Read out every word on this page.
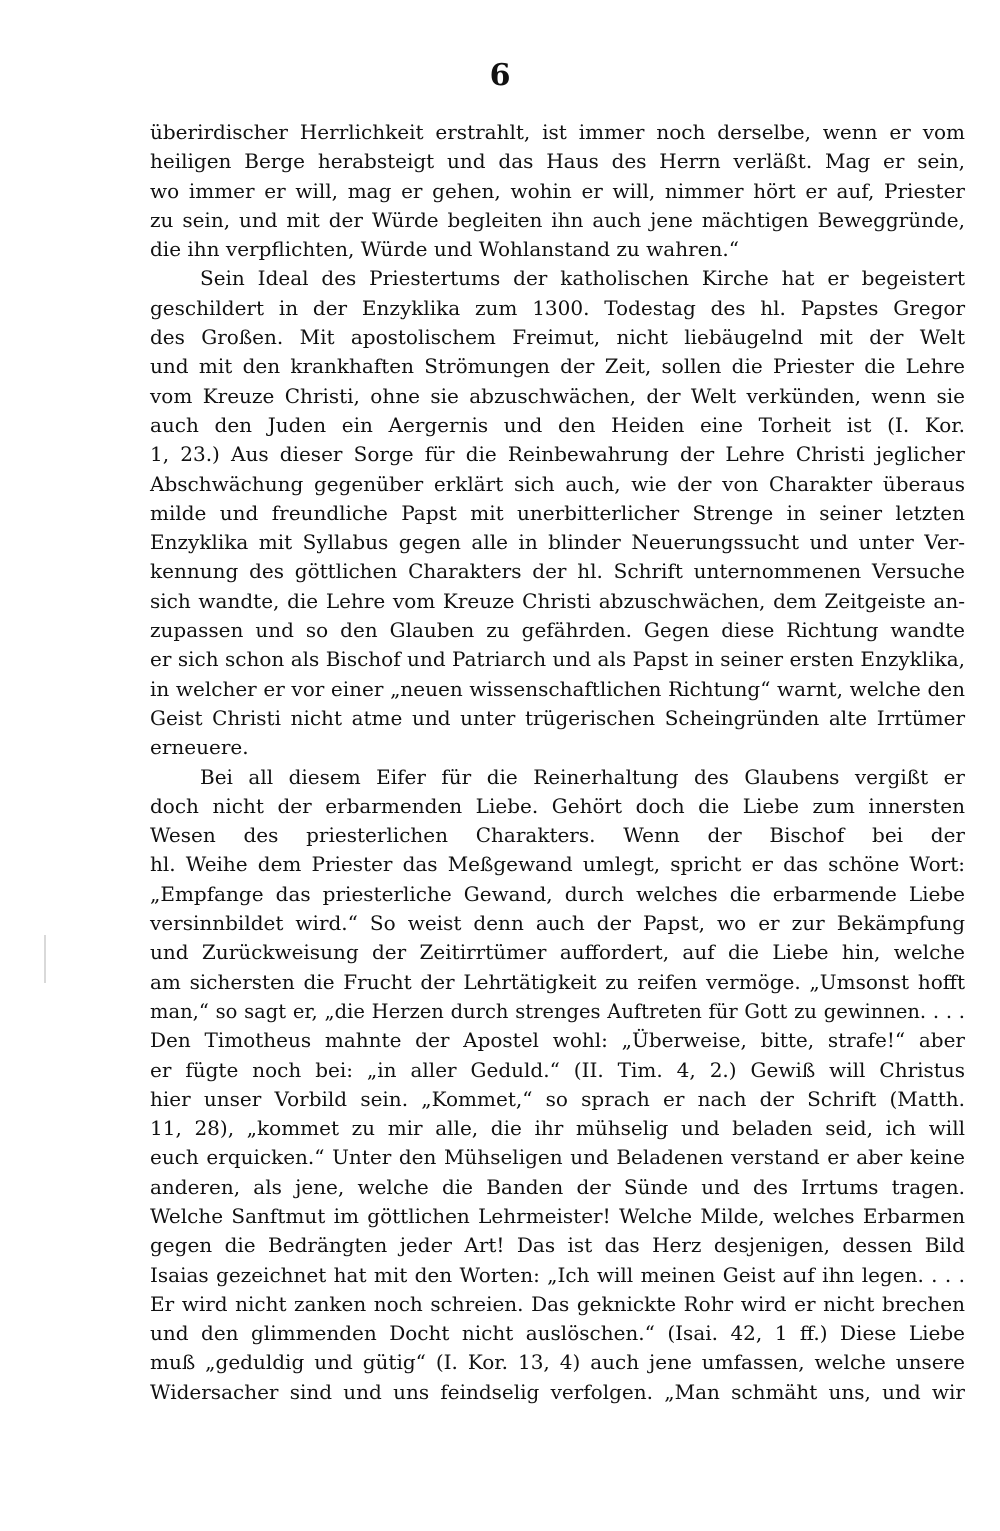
6
überirdischer Herrlichkeit erstrahlt, ist immer noch derselbe, wenn er vom
heiligen Berge herabsteigt und das Haus des Herrn verläßt. Mag er sein,
wo immer er will, mag er gehen, wohin er will, nimmer hört er auf, Priester
zu sein, und mit der Würde begleiten ihn auch jene mächtigen Beweggründe,
die ihn verpflichten, Würde und Wohlanstand zu wahren.“
Sein Ideal des Priestertums der katholischen Kirche hat er begeistert
geschildert in der Enzyklika zum 1300. Todestag des hl. Papstes Gregor
des Großen. Mit apostolischem Freimut, nicht liebäugelnd mit der Welt
und mit den krankhaften Strömungen der Zeit, sollen die Priester die Lehre
vom Kreuze Christi, ohne sie abzuschwächen, der Welt verkünden, wenn sie
auch den Juden ein Aergernis und den Heiden eine Torheit ist (I. Kor.
1, 23.) Aus dieser Sorge für die Reinbewahrung der Lehre Christi jeglicher
Abschwächung gegenüber erklärt sich auch, wie der von Charakter überaus
milde und freundliche Papst mit unerbitterlicher Strenge in seiner letzten
Enzyklika mit Syllabus gegen alle in blinder Neuerungssucht und unter Ver-
kennung des göttlichen Charakters der hl. Schrift unternommenen Versuche
sich wandte, die Lehre vom Kreuze Christi abzuschwächen, dem Zeitgeiste an-
zupassen und so den Glauben zu gefährden. Gegen diese Richtung wandte
er sich schon als Bischof und Patriarch und als Papst in seiner ersten Enzyklika,
in welcher er vor einer „neuen wissenschaftlichen Richtung“ warnt, welche den
Geist Christi nicht atme und unter trügerischen Scheingründen alte Irrtümer
erneuere.
Bei all diesem Eifer für die Reinerhaltung des Glaubens vergißt er
doch nicht der erbarmenden Liebe. Gehört doch die Liebe zum innersten
Wesen des priesterlichen Charakters. Wenn der Bischof bei der
hl. Weihe dem Priester das Meßgewand umlegt, spricht er das schöne Wort:
„Empfange das priesterliche Gewand, durch welches die erbarmende Liebe
versinnbildet wird.“ So weist denn auch der Papst, wo er zur Bekämpfung
und Zurückweisung der Zeitirrtümer auffordert, auf die Liebe hin, welche
am sichersten die Frucht der Lehrtätigkeit zu reifen vermöge. „Umsonst hofft
man,“ so sagt er, „die Herzen durch strenges Auftreten für Gott zu gewinnen. . . .
Den Timotheus mahnte der Apostel wohl: „Überweise, bitte, strafe!“ aber
er fügte noch bei: „in aller Geduld.“ (II. Tim. 4, 2.) Gewiß will Christus
hier unser Vorbild sein. „Kommet,“ so sprach er nach der Schrift (Matth.
11, 28), „kommet zu mir alle, die ihr mühselig und beladen seid, ich will
euch erquicken.“ Unter den Mühseligen und Beladenen verstand er aber keine
anderen, als jene, welche die Banden der Sünde und des Irrtums tragen.
Welche Sanftmut im göttlichen Lehrmeister! Welche Milde, welches Erbarmen
gegen die Bedrängten jeder Art! Das ist das Herz desjenigen, dessen Bild
Isaias gezeichnet hat mit den Worten: „Ich will meinen Geist auf ihn legen. . . .
Er wird nicht zanken noch schreien. Das geknickte Rohr wird er nicht brechen
und den glimmenden Docht nicht auslöschen.“ (Isai. 42, 1 ff.) Diese Liebe
muß „geduldig und gütig“ (I. Kor. 13, 4) auch jene umfassen, welche unsere
Widersacher sind und uns feindselig verfolgen. „Man schmäht uns, und wir
